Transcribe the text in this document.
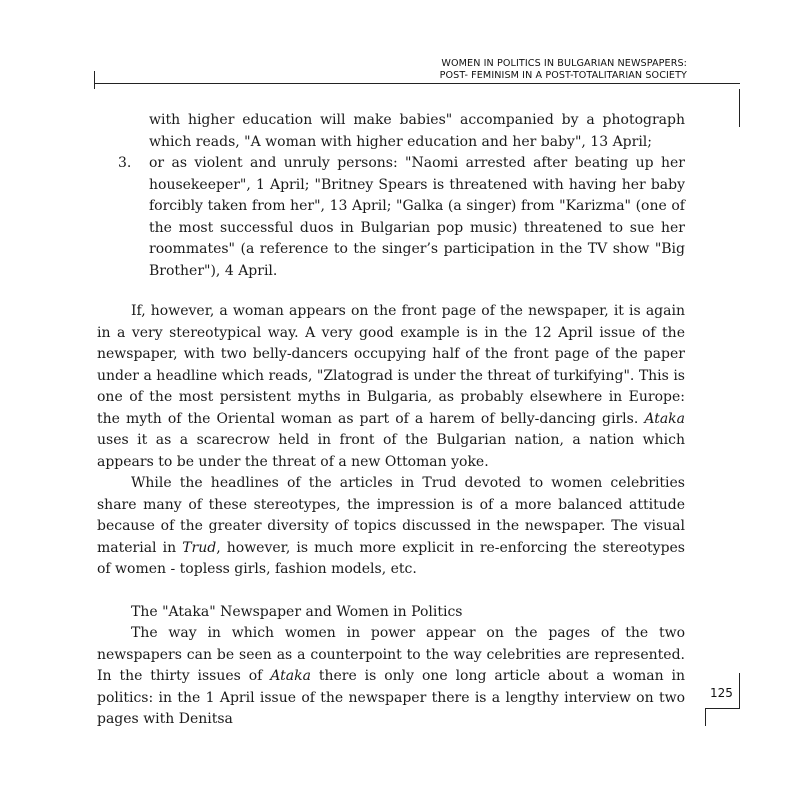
WOMEN IN POLITICS IN BULGARIAN NEWSPAPERS:
POST- FEMINISM IN A POST-TOTALITARIAN SOCIETY

with higher education will make babies" accompanied by a photograph which reads, "A woman with higher education and her baby", 13 April;

3. or as violent and unruly persons: "Naomi arrested after beating up her housekeeper", 1 April; "Britney Spears is threatened with having her baby forcibly taken from her", 13 April; "Galka (a singer) from "Karizma" (one of the most successful duos in Bulgarian pop music) threatened to sue her roommates" (a reference to the singer’s participation in the TV show "Big Brother"), 4 April.

If, however, a woman appears on the front page of the newspaper, it is again in a very stereotypical way. A very good example is in the 12 April issue of the newspaper, with two belly-dancers occupying half of the front page of the paper under a headline which reads, "Zlatograd is under the threat of turkifying". This is one of the most persistent myths in Bulgaria, as probably elsewhere in Europe: the myth of the Oriental woman as part of a harem of belly-dancing girls. Ataka uses it as a scarecrow held in front of the Bulgarian nation, a nation which appears to be under the threat of a new Ottoman yoke.

While the headlines of the articles in Trud devoted to women celebrities share many of these stereotypes, the impression is of a more balanced attitude because of the greater diversity of topics discussed in the newspaper. The visual material in Trud, however, is much more explicit in re-enforcing the stereotypes of women - topless girls, fashion models, etc.

The "Ataka" Newspaper and Women in Politics

The way in which women in power appear on the pages of the two newspapers can be seen as a counterpoint to the way celebrities are represented. In the thirty issues of Ataka there is only one long article about a woman in politics: in the 1 April issue of the newspaper there is a lengthy interview on two pages with Denitsa

125
